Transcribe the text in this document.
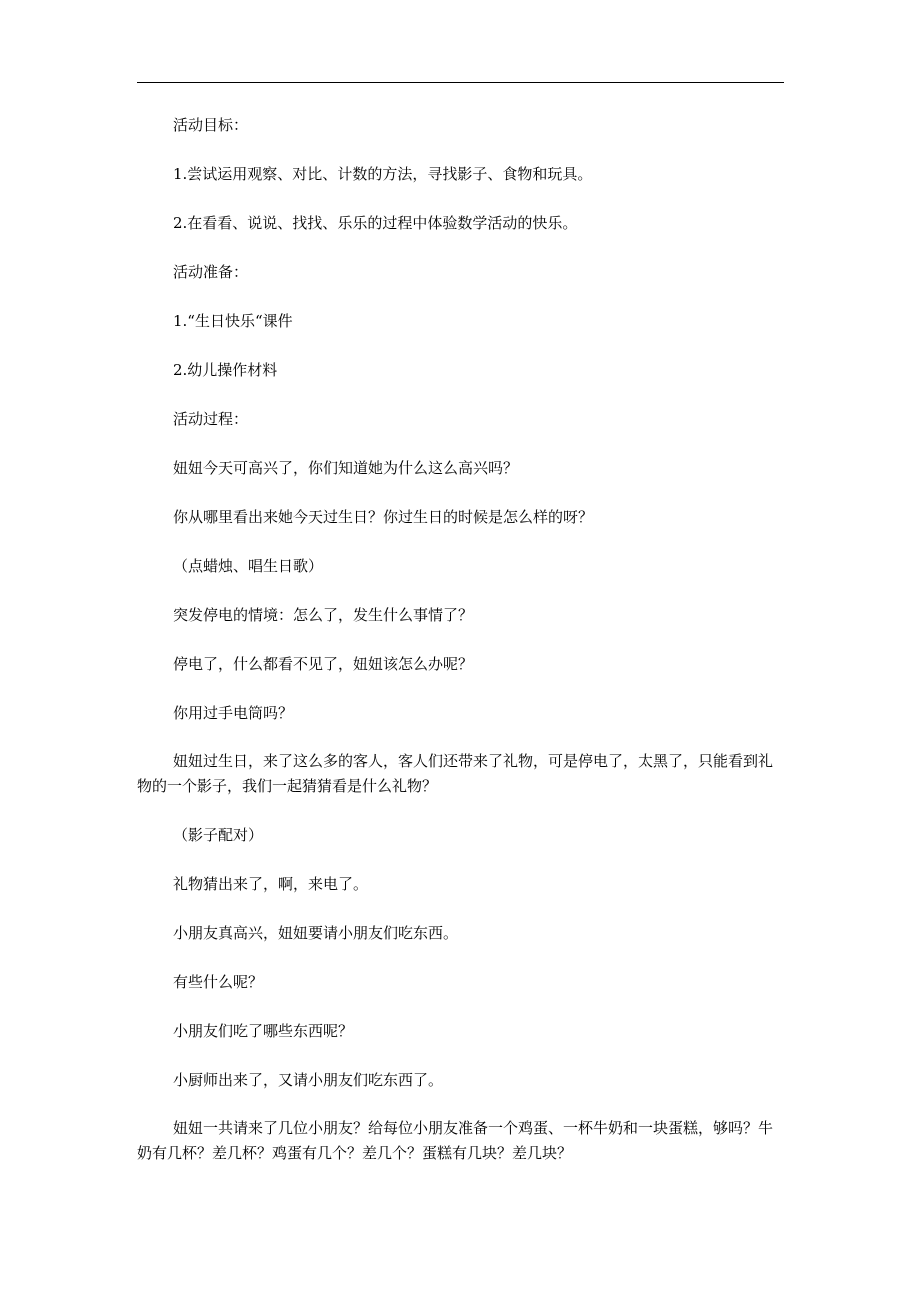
活动目标：

1.尝试运用观察、对比、计数的方法，寻找影子、食物和玩具。

2.在看看、说说、找找、乐乐的过程中体验数学活动的快乐。

活动准备：

1.“生日快乐“课件

2.幼儿操作材料

活动过程：

妞妞今天可高兴了，你们知道她为什么这么高兴吗？

你从哪里看出来她今天过生日？你过生日的时候是怎么样的呀？

（点蜡烛、唱生日歌）

突发停电的情境：怎么了，发生什么事情了？

停电了，什么都看不见了，妞妞该怎么办呢？

你用过手电筒吗？

妞妞过生日，来了这么多的客人，客人们还带来了礼物，可是停电了，太黑了，只能看到礼物的一个影子，我们一起猜猜看是什么礼物？

（影子配对）

礼物猜出来了，啊，来电了。

小朋友真高兴，妞妞要请小朋友们吃东西。

有些什么呢？

小朋友们吃了哪些东西呢？

小厨师出来了，又请小朋友们吃东西了。

妞妞一共请来了几位小朋友？给每位小朋友准备一个鸡蛋、一杯牛奶和一块蛋糕，够吗？牛奶有几杯？差几杯？鸡蛋有几个？差几个？蛋糕有几块？差几块？
